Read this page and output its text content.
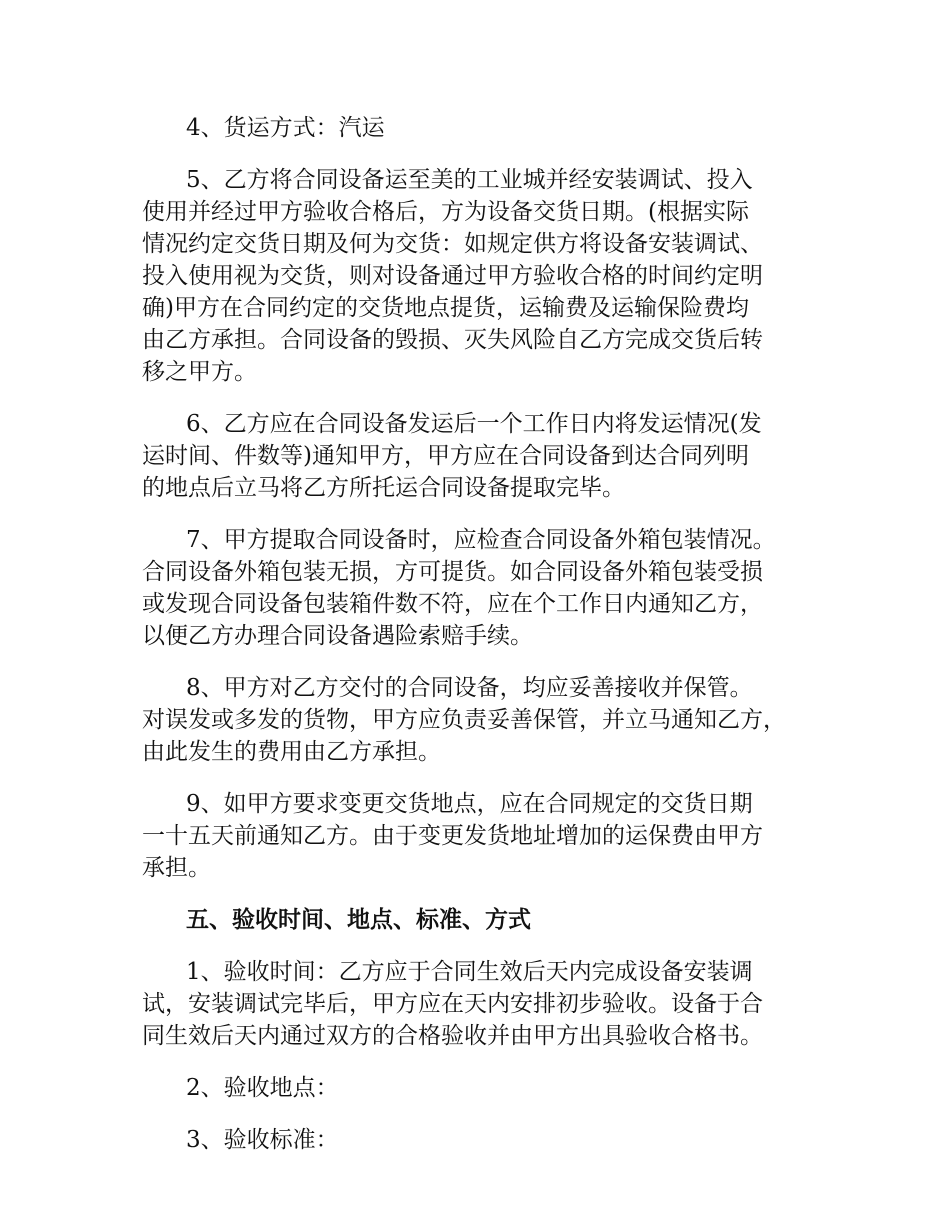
4、货运方式：汽运

5、乙方将合同设备运至美的工业城并经安装调试、投入
使用并经过甲方验收合格后，方为设备交货日期。(根据实际
情况约定交货日期及何为交货：如规定供方将设备安装调试、
投入使用视为交货，则对设备通过甲方验收合格的时间约定明
确)甲方在合同约定的交货地点提货，运输费及运输保险费均
由乙方承担。合同设备的毁损、灭失风险自乙方完成交货后转
移之甲方。

6、乙方应在合同设备发运后一个工作日内将发运情况(发
运时间、件数等)通知甲方，甲方应在合同设备到达合同列明
的地点后立马将乙方所托运合同设备提取完毕。

7、甲方提取合同设备时，应检查合同设备外箱包装情况。
合同设备外箱包装无损，方可提货。如合同设备外箱包装受损
或发现合同设备包装箱件数不符，应在个工作日内通知乙方，
以便乙方办理合同设备遇险索赔手续。

8、甲方对乙方交付的合同设备，均应妥善接收并保管。
对误发或多发的货物，甲方应负责妥善保管，并立马通知乙方，
由此发生的费用由乙方承担。

9、如甲方要求变更交货地点，应在合同规定的交货日期
一十五天前通知乙方。由于变更发货地址增加的运保费由甲方
承担。

五、验收时间、地点、标准、方式

1、验收时间：乙方应于合同生效后天内完成设备安装调
试，安装调试完毕后，甲方应在天内安排初步验收。设备于合
同生效后天内通过双方的合格验收并由甲方出具验收合格书。

2、验收地点：

3、验收标准：
